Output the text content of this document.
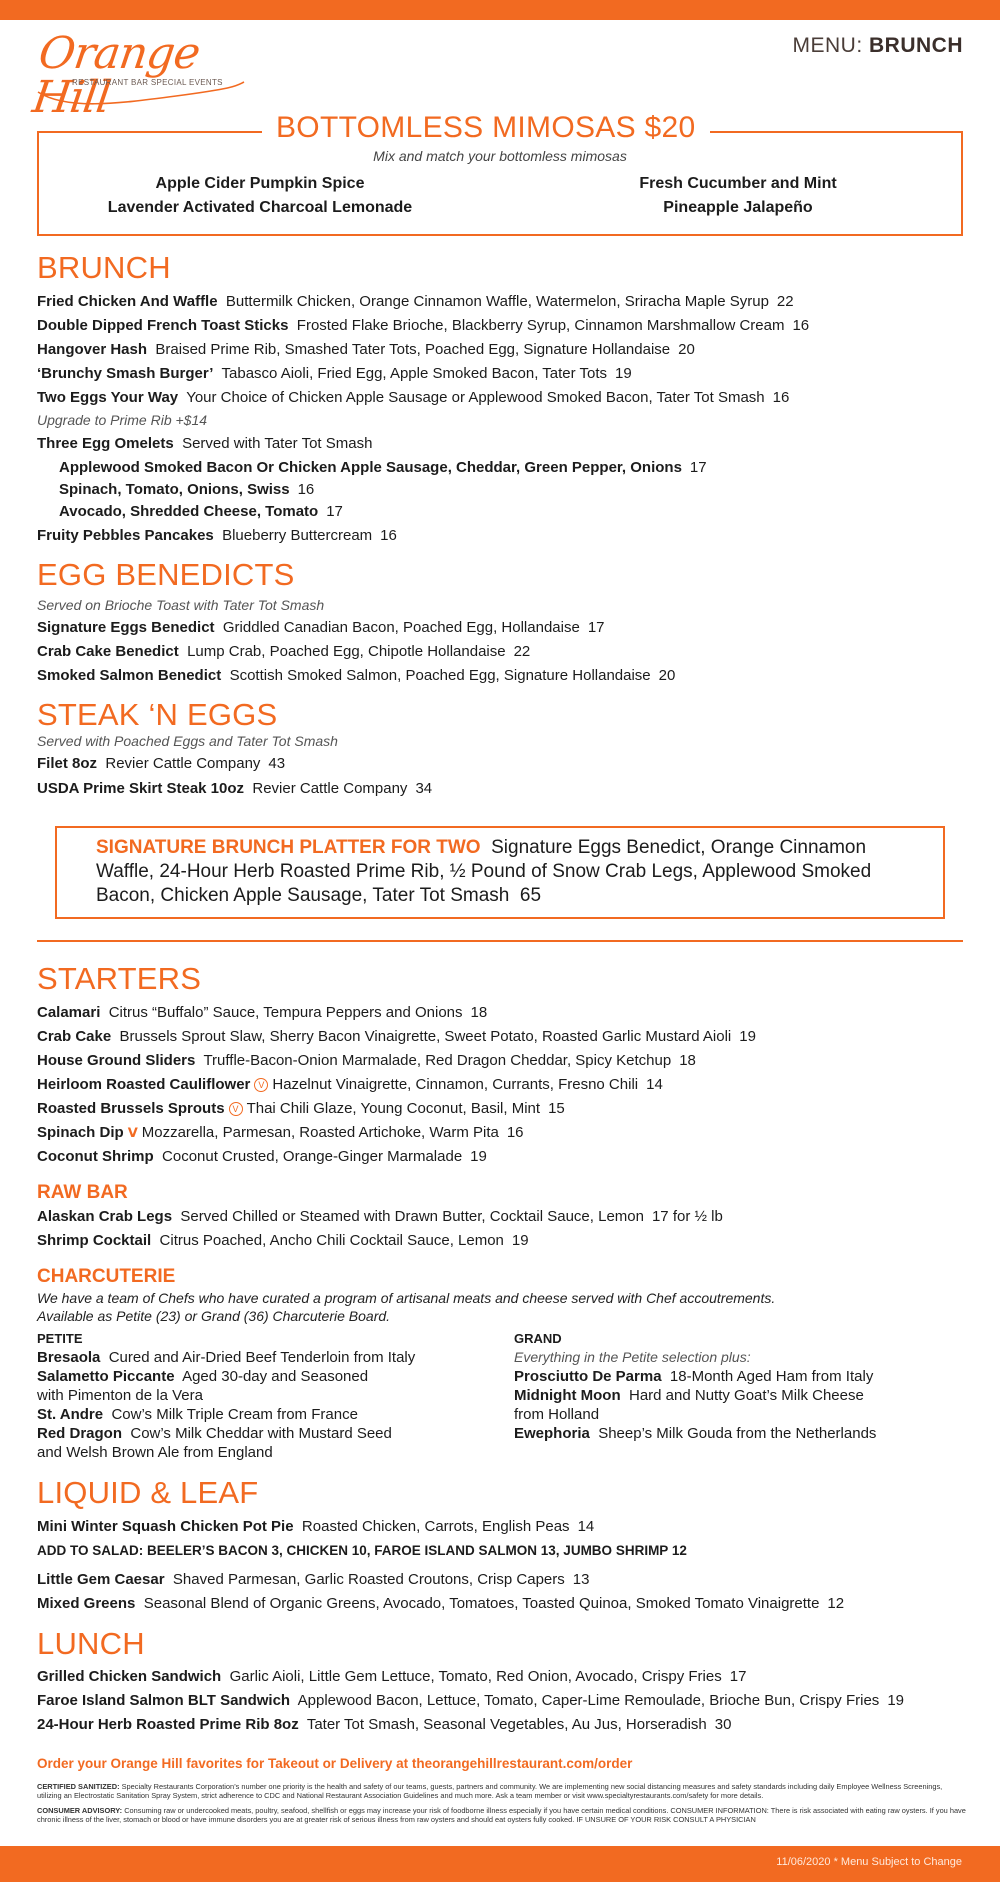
Orange Hill
RESTAURANT BAR SPECIAL EVENTS
MENU: BRUNCH
BOTTOMLESS MIMOSAS $20
Mix and match your bottomless mimosas
Apple Cider Pumpkin Spice
Lavender Activated Charcoal Lemonade
Fresh Cucumber and Mint
Pineapple Jalapeño
BRUNCH
Fried Chicken And Waffle Buttermilk Chicken, Orange Cinnamon Waffle, Watermelon, Sriracha Maple Syrup 22
Double Dipped French Toast Sticks Frosted Flake Brioche, Blackberry Syrup, Cinnamon Marshmallow Cream 16
Hangover Hash Braised Prime Rib, Smashed Tater Tots, Poached Egg, Signature Hollandaise 20
‘Brunchy Smash Burger’ Tabasco Aioli, Fried Egg, Apple Smoked Bacon, Tater Tots 19
Two Eggs Your Way Your Choice of Chicken Apple Sausage or Applewood Smoked Bacon, Tater Tot Smash 16
Upgrade to Prime Rib +$14
Three Egg Omelets Served with Tater Tot Smash
Applewood Smoked Bacon Or Chicken Apple Sausage, Cheddar, Green Pepper, Onions 17
Spinach, Tomato, Onions, Swiss 16
Avocado, Shredded Cheese, Tomato 17
Fruity Pebbles Pancakes Blueberry Buttercream 16
EGG BENEDICTS
Served on Brioche Toast with Tater Tot Smash
Signature Eggs Benedict Griddled Canadian Bacon, Poached Egg, Hollandaise 17
Crab Cake Benedict Lump Crab, Poached Egg, Chipotle Hollandaise 22
Smoked Salmon Benedict Scottish Smoked Salmon, Poached Egg, Signature Hollandaise 20
STEAK ‘N EGGS
Served with Poached Eggs and Tater Tot Smash
Filet 8oz Revier Cattle Company 43
USDA Prime Skirt Steak 10oz Revier Cattle Company 34
SIGNATURE BRUNCH PLATTER FOR TWO Signature Eggs Benedict, Orange Cinnamon Waffle, 24-Hour Herb Roasted Prime Rib, ½ Pound of Snow Crab Legs, Applewood Smoked Bacon, Chicken Apple Sausage, Tater Tot Smash 65
STARTERS
Calamari Citrus “Buffalo” Sauce, Tempura Peppers and Onions 18
Crab Cake Brussels Sprout Slaw, Sherry Bacon Vinaigrette, Sweet Potato, Roasted Garlic Mustard Aioli 19
House Ground Sliders Truffle-Bacon-Onion Marmalade, Red Dragon Cheddar, Spicy Ketchup 18
Heirloom Roasted Cauliflower V Hazelnut Vinaigrette, Cinnamon, Currants, Fresno Chili 14
Roasted Brussels Sprouts V Thai Chili Glaze, Young Coconut, Basil, Mint 15
Spinach Dip 𝗩 Mozzarella, Parmesan, Roasted Artichoke, Warm Pita 16
Coconut Shrimp Coconut Crusted, Orange-Ginger Marmalade 19
RAW BAR
Alaskan Crab Legs Served Chilled or Steamed with Drawn Butter, Cocktail Sauce, Lemon 17 for ½ lb
Shrimp Cocktail Citrus Poached, Ancho Chili Cocktail Sauce, Lemon 19
CHARCUTERIE
We have a team of Chefs who have curated a program of artisanal meats and cheese served with Chef accoutrements.
Available as Petite (23) or Grand (36) Charcuterie Board.
PETITE
Bresaola Cured and Air-Dried Beef Tenderloin from Italy
Salametto Piccante Aged 30-day and Seasoned
with Pimenton de la Vera
St. Andre Cow’s Milk Triple Cream from France
Red Dragon Cow’s Milk Cheddar with Mustard Seed
and Welsh Brown Ale from England
GRAND
Everything in the Petite selection plus:
Prosciutto De Parma 18-Month Aged Ham from Italy
Midnight Moon Hard and Nutty Goat’s Milk Cheese
from Holland
Ewephoria Sheep’s Milk Gouda from the Netherlands
LIQUID & LEAF
Mini Winter Squash Chicken Pot Pie Roasted Chicken, Carrots, English Peas 14
ADD TO SALAD: BEELER’S BACON 3, CHICKEN 10, FAROE ISLAND SALMON 13, JUMBO SHRIMP 12
Little Gem Caesar Shaved Parmesan, Garlic Roasted Croutons, Crisp Capers 13
Mixed Greens Seasonal Blend of Organic Greens, Avocado, Tomatoes, Toasted Quinoa, Smoked Tomato Vinaigrette 12
LUNCH
Grilled Chicken Sandwich Garlic Aioli, Little Gem Lettuce, Tomato, Red Onion, Avocado, Crispy Fries 17
Faroe Island Salmon BLT Sandwich Applewood Bacon, Lettuce, Tomato, Caper-Lime Remoulade, Brioche Bun, Crispy Fries 19
24-Hour Herb Roasted Prime Rib 8oz Tater Tot Smash, Seasonal Vegetables, Au Jus, Horseradish 30
Order your Orange Hill favorites for Takeout or Delivery at theorangehillrestaurant.com/order
CERTIFIED SANITIZED: Specialty Restaurants Corporation’s number one priority is the health and safety of our teams, guests, partners and community. We are implementing new social distancing measures and safety standards including daily Employee Wellness Screenings, utilizing an Electrostatic Sanitation Spray System, strict adherence to CDC and National Restaurant Association Guidelines and much more. Ask a team member or visit www.specialtyrestaurants.com/safety for more details.
CONSUMER ADVISORY: Consuming raw or undercooked meats, poultry, seafood, shellfish or eggs may increase your risk of foodborne illness especially if you have certain medical conditions. CONSUMER INFORMATION: There is risk associated with eating raw oysters. If you have chronic illness of the liver, stomach or blood or have immune disorders you are at greater risk of serious illness from raw oysters and should eat oysters fully cooked. IF UNSURE OF YOUR RISK CONSULT A PHYSICIAN
11/06/2020 * Menu Subject to Change
